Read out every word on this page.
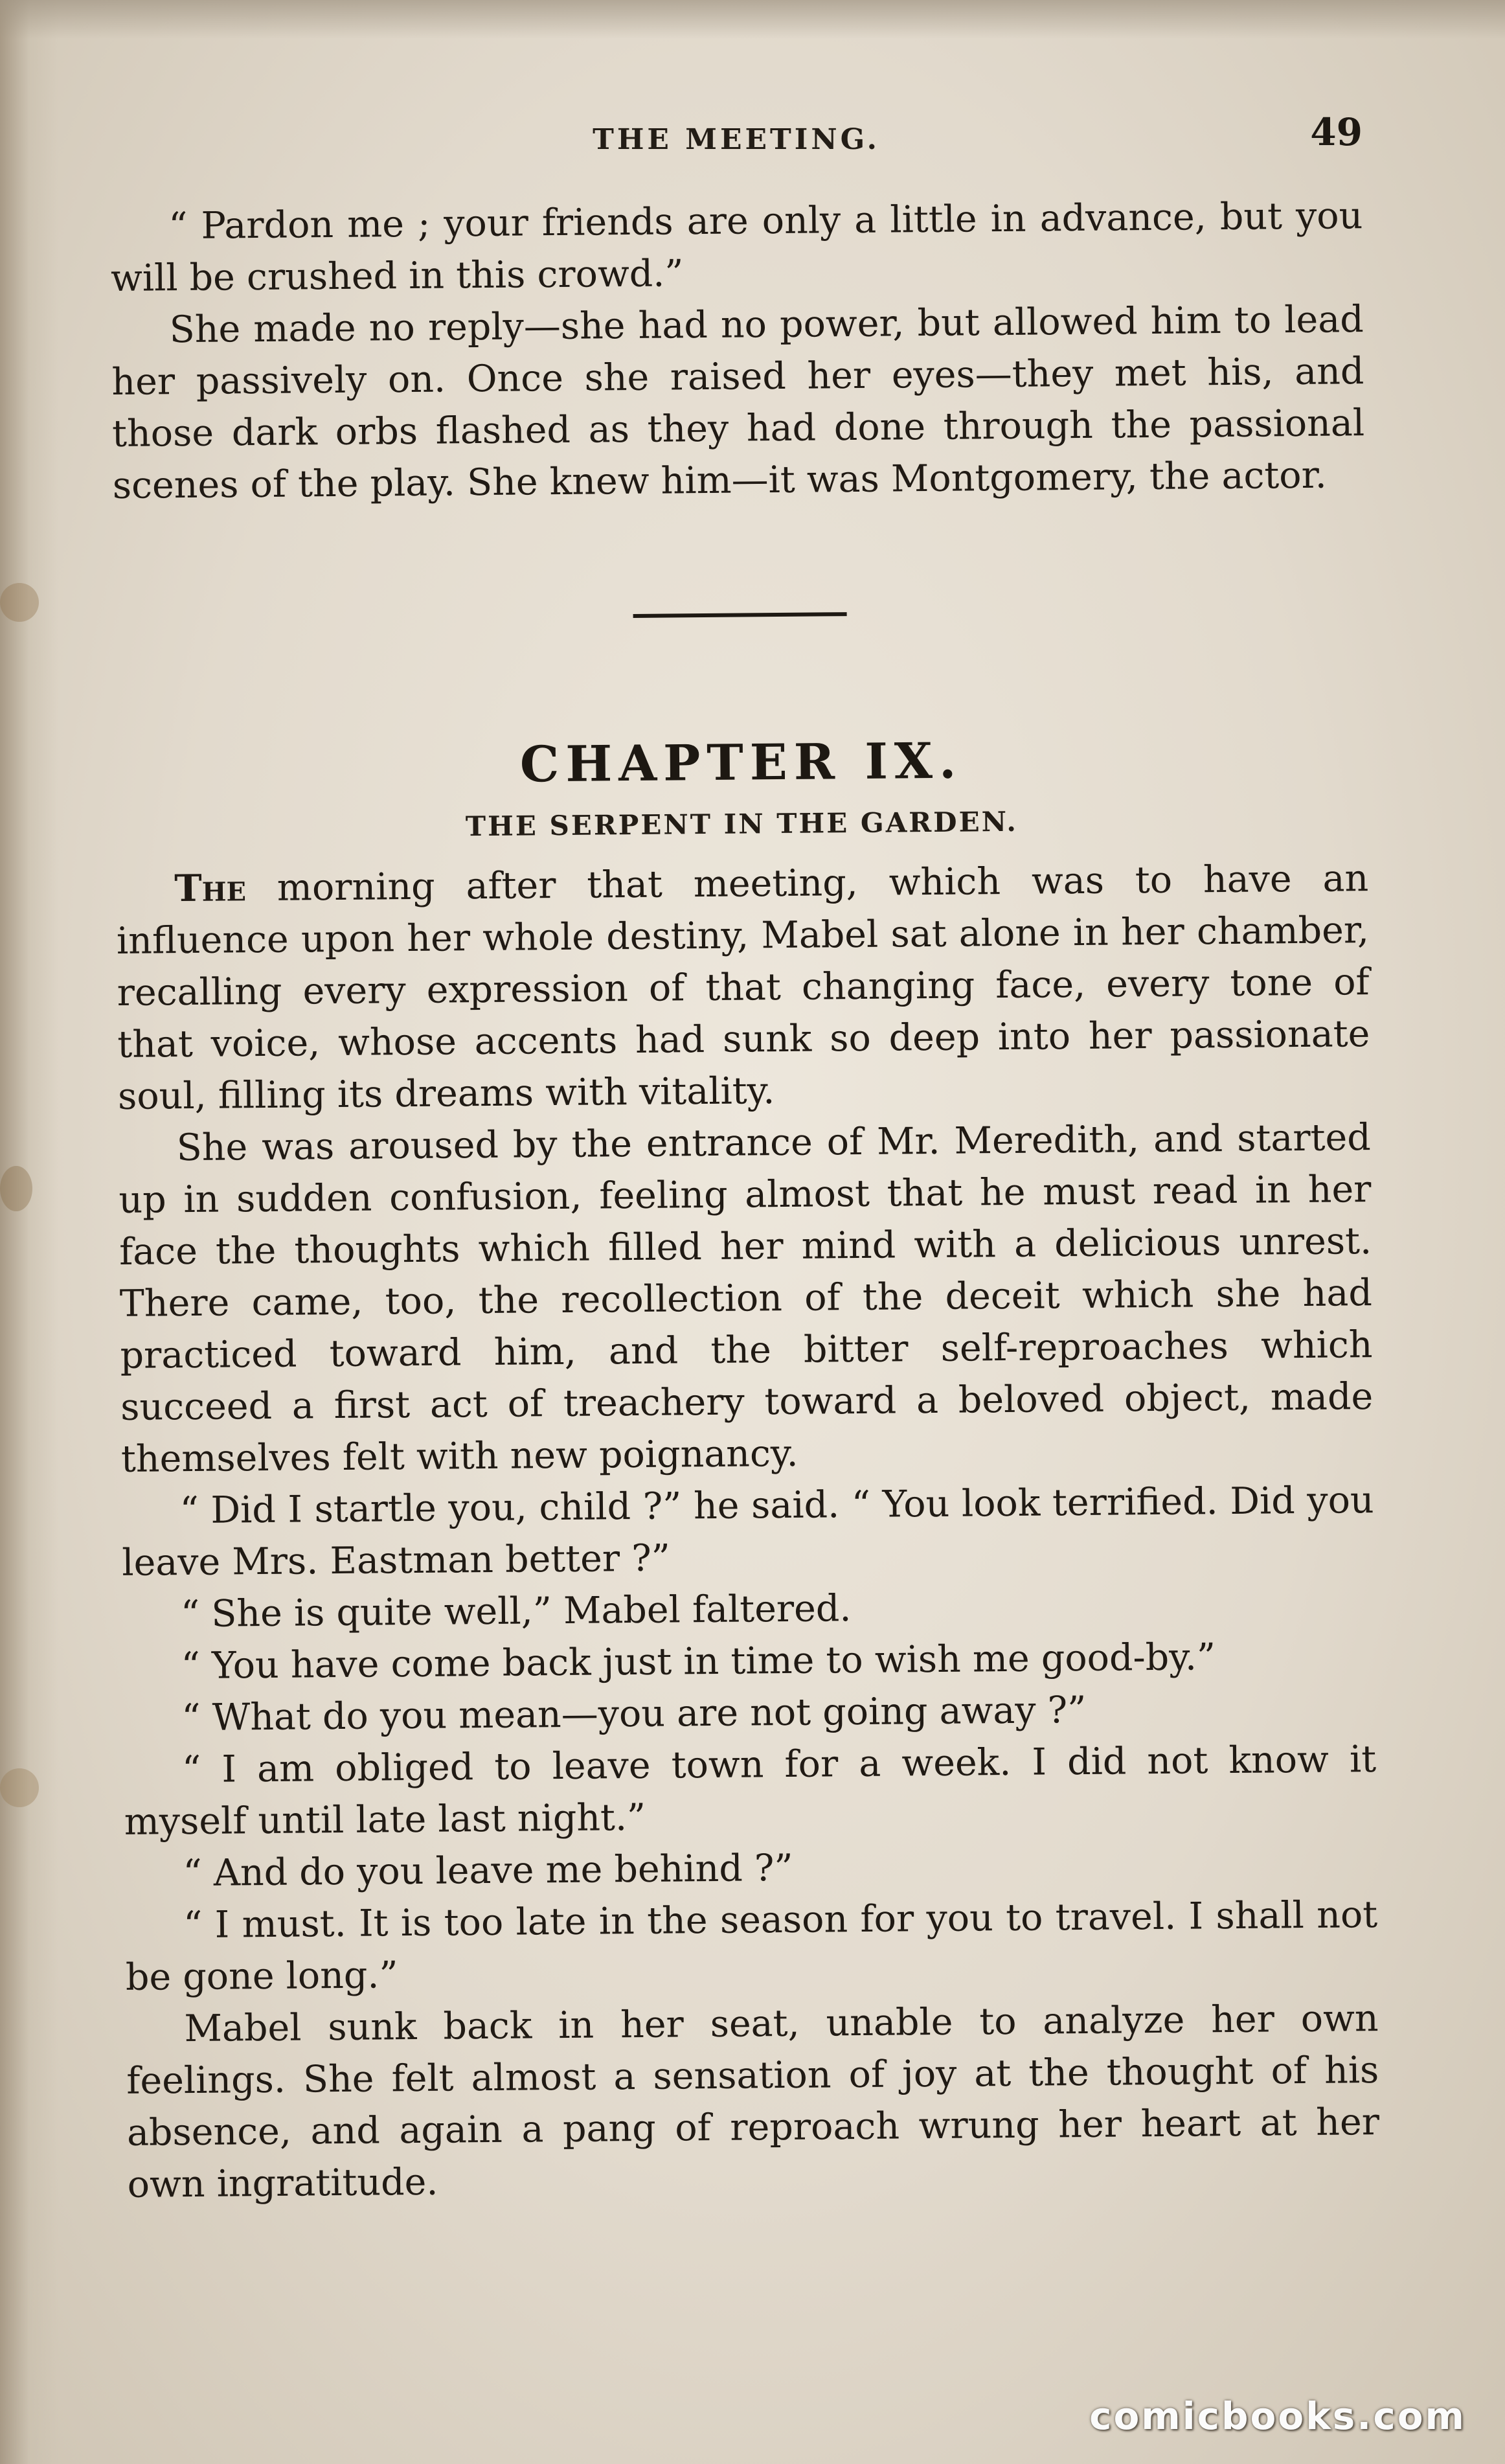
THE MEETING.	49

“ Pardon me ; your friends are only a little in advance, but you will be crushed in this crowd.”

She made no reply—she had no power, but allowed him to lead her passively on. Once she raised her eyes—they met his, and those dark orbs flashed as they had done through the passional scenes of the play. She knew him—it was Montgomery, the actor.

CHAPTER IX.
THE SERPENT IN THE GARDEN.

The morning after that meeting, which was to have an influence upon her whole destiny, Mabel sat alone in her chamber, recalling every expression of that changing face, every tone of that voice, whose accents had sunk so deep into her passionate soul, filling its dreams with vitality.

She was aroused by the entrance of Mr. Meredith, and started up in sudden confusion, feeling almost that he must read in her face the thoughts which filled her mind with a delicious unrest. There came, too, the recollection of the deceit which she had practiced toward him, and the bitter self-reproaches which succeed a first act of treachery toward a beloved object, made themselves felt with new poignancy.

“ Did I startle you, child ?” he said. “ You look terrified. Did you leave Mrs. Eastman better ?”

“ She is quite well,” Mabel faltered.

“ You have come back just in time to wish me good-by.”

“ What do you mean—you are not going away ?”

“ I am obliged to leave town for a week. I did not know it myself until late last night.”

“ And do you leave me behind ?”

“ I must. It is too late in the season for you to travel. I shall not be gone long.”

Mabel sunk back in her seat, unable to analyze her own feelings. She felt almost a sensation of joy at the thought of his absence, and again a pang of reproach wrung her heart at her own ingratitude.

comicbooks.com
